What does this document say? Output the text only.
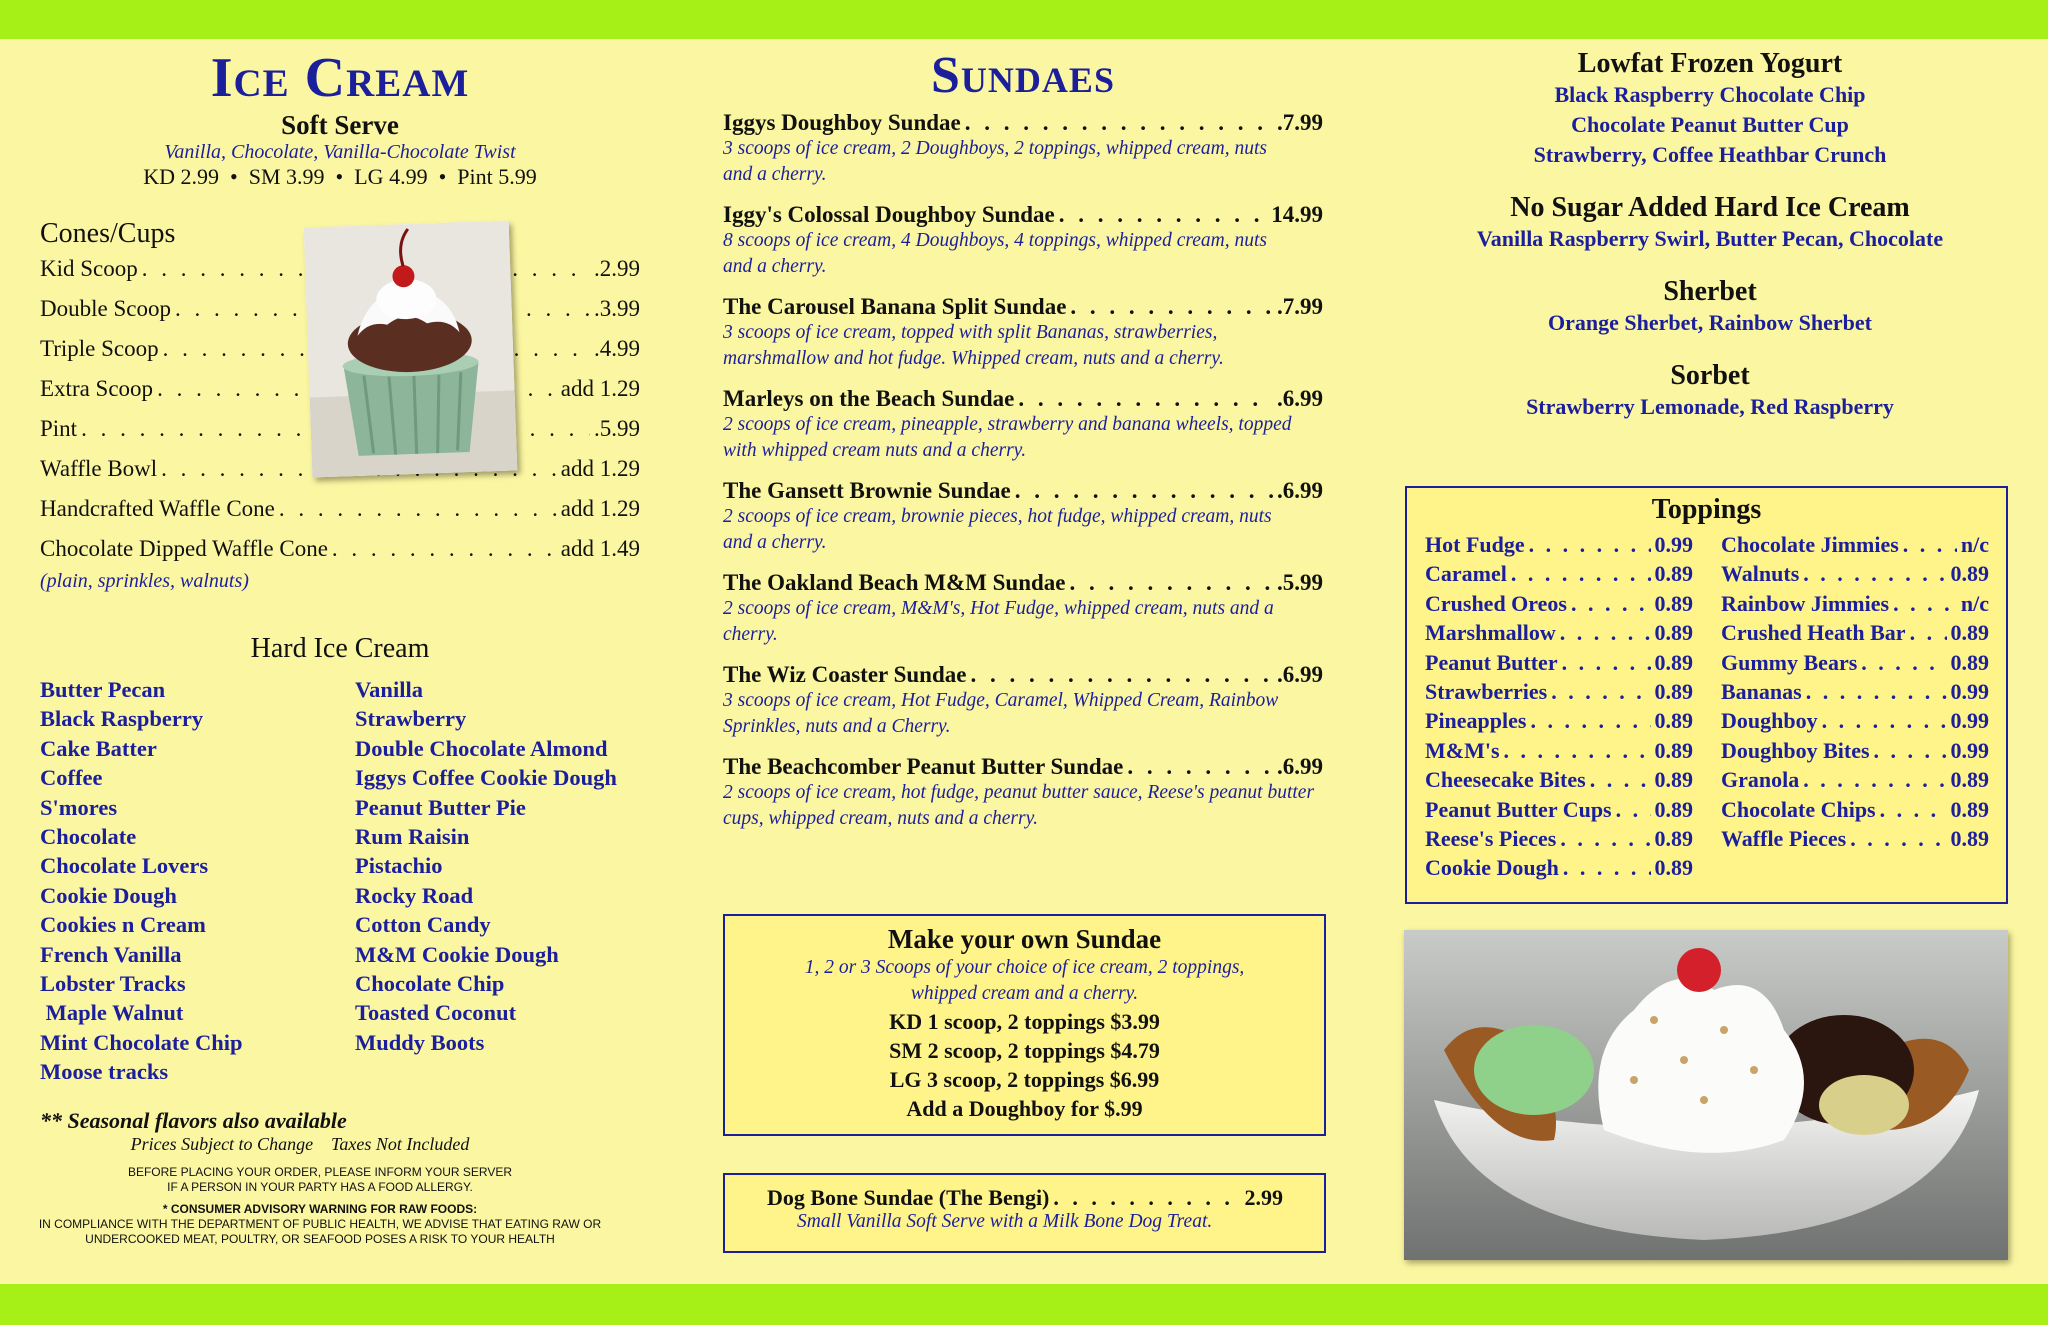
Ice Cream
Soft Serve
Vanilla, Chocolate, Vanilla-Chocolate Twist
KD 2.99  •  SM 3.99  •  LG 4.99  •  Pint 5.99
Cones/Cups
Kid Scoop . . .	.2.99
Double Scoop . . .	.3.99
Triple Scoop . . .	.4.99
Extra Scoop . . .	add 1.29
Pint . . .	.5.99
Waffle Bowl . . .	add 1.29
Handcrafted Waffle Cone . . .	add 1.29
Chocolate Dipped Waffle Cone . . .	add 1.49
(plain, sprinkles, walnuts)
Hard Ice Cream
Butter Pecan
Black Raspberry
Cake Batter
Coffee
S'mores
Chocolate
Chocolate Lovers
Cookie Dough
Cookies n Cream
French Vanilla
Lobster Tracks
Maple Walnut
Mint Chocolate Chip
Moose tracks
Vanilla
Strawberry
Double Chocolate Almond
Iggys Coffee Cookie Dough
Peanut Butter Pie
Rum Raisin
Pistachio
Rocky Road
Cotton Candy
M&M Cookie Dough
Chocolate Chip
Toasted Coconut
Muddy Boots
** Seasonal flavors also available
Prices Subject to Change    Taxes Not Included
BEFORE PLACING YOUR ORDER, PLEASE INFORM YOUR SERVER
IF A PERSON IN YOUR PARTY HAS A FOOD ALLERGY.
* CONSUMER ADVISORY WARNING FOR RAW FOODS:
IN COMPLIANCE WITH THE DEPARTMENT OF PUBLIC HEALTH, WE ADVISE THAT EATING RAW OR
UNDERCOOKED MEAT, POULTRY, OR SEAFOOD POSES A RISK TO YOUR HEALTH
Sundaes
Iggys Doughboy Sundae . . .	.7.99
3 scoops of ice cream, 2 Doughboys, 2 toppings, whipped cream, nuts and a cherry.
Iggy's Colossal Doughboy Sundae . . .	14.99
8 scoops of ice cream, 4 Doughboys, 4 toppings, whipped cream, nuts and a cherry.
The Carousel Banana Split Sundae . . .	.7.99
3 scoops of ice cream, topped with split Bananas, strawberries, marshmallow and hot fudge. Whipped cream, nuts and a cherry.
Marleys on the Beach Sundae . . .	.6.99
2 scoops of ice cream, pineapple, strawberry and banana wheels, topped with whipped cream nuts and a cherry.
The Gansett Brownie Sundae . . .	.6.99
2 scoops of ice cream, brownie pieces, hot fudge, whipped cream, nuts and a cherry.
The Oakland Beach M&M Sundae . . .	.5.99
2 scoops of ice cream, M&M's, Hot Fudge, whipped cream, nuts and a cherry.
The Wiz Coaster Sundae . . .	.6.99
3 scoops of ice cream, Hot Fudge, Caramel, Whipped Cream, Rainbow Sprinkles, nuts and a Cherry.
The Beachcomber Peanut Butter Sundae . . .	.6.99
2 scoops of ice cream, hot fudge, peanut butter sauce, Reese's peanut butter cups, whipped cream, nuts and a cherry.
Make your own Sundae
1, 2 or 3 Scoops of your choice of ice cream, 2 toppings, whipped cream and a cherry.
KD 1 scoop, 2 toppings $3.99
SM 2 scoop, 2 toppings $4.79
LG 3 scoop, 2 toppings $6.99
Add a Doughboy for $.99
Dog Bone Sundae (The Bengi) . . .	2.99
Small Vanilla Soft Serve with a Milk Bone Dog Treat.
Lowfat Frozen Yogurt
Black Raspberry Chocolate Chip
Chocolate Peanut Butter Cup
Strawberry, Coffee Heathbar Crunch
No Sugar Added Hard Ice Cream
Vanilla Raspberry Swirl, Butter Pecan, Chocolate
Sherbet
Orange Sherbet, Rainbow Sherbet
Sorbet
Strawberry Lemonade, Red Raspberry
Toppings
Hot Fudge . . .	0.99
Caramel . . .	0.89
Crushed Oreos . . .	0.89
Marshmallow . . .	0.89
Peanut Butter . . .	0.89
Strawberries . . .	0.89
Pineapples . . .	0.89
M&M's . . .	0.89
Cheesecake Bites . . .	0.89
Peanut Butter Cups . . . 0.89
Reese's Pieces . . .	0.89
Cookie Dough . . .	0.89
Chocolate Jimmies . . .	n/c
Walnuts . . .	0.89
Rainbow Jimmies . . .	n/c
Crushed Heath Bar . . . 0.89
Gummy Bears . . .	0.89
Bananas . . .	0.99
Doughboy . . .	0.99
Doughboy Bites . . .	0.99
Granola . . .	0.89
Chocolate Chips . . .	0.89
Waffle Pieces . . .	0.89
